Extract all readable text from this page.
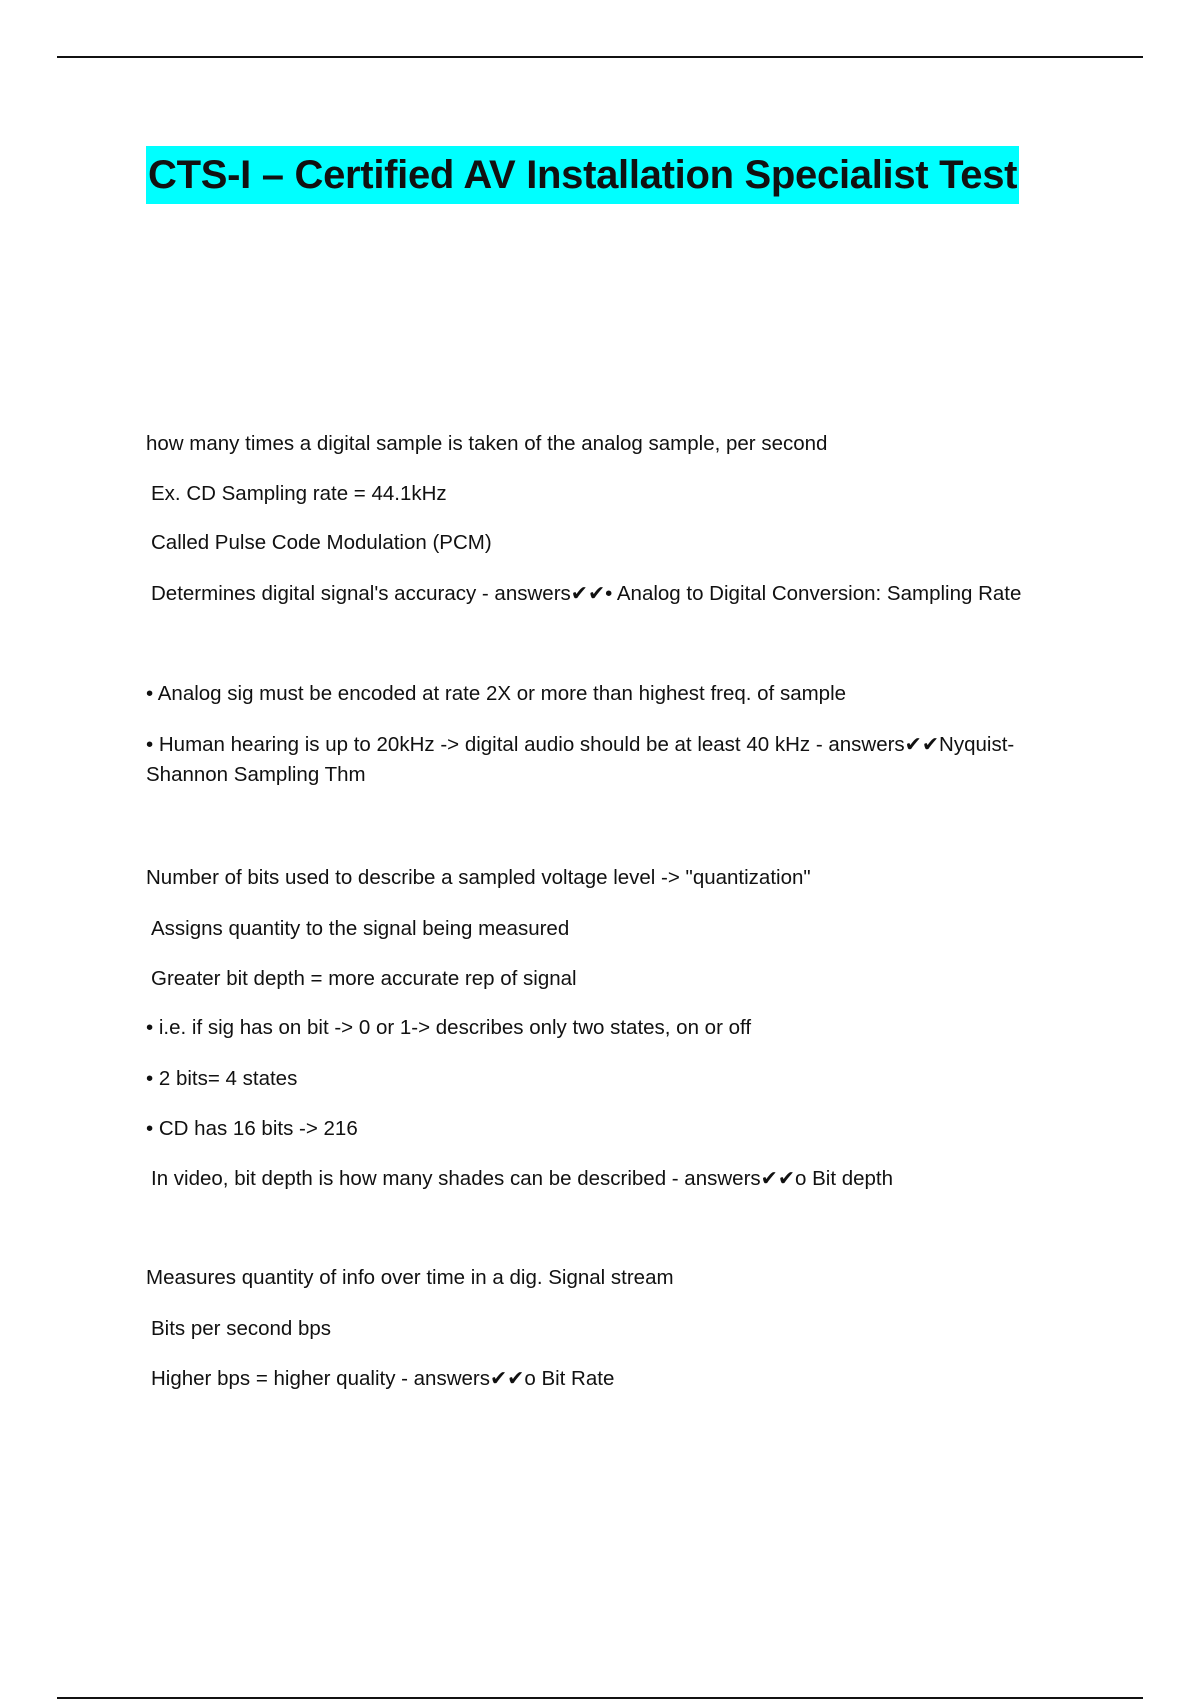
CTS-I – Certified AV Installation Specialist Test
how many times a digital sample is taken of the analog sample, per second
Ex. CD Sampling rate = 44.1kHz
Called Pulse Code Modulation (PCM)
Determines digital signal's accuracy - answers✔✔• Analog to Digital Conversion: Sampling Rate
• Analog sig must be encoded at rate 2X or more than highest freq. of sample
• Human hearing is up to 20kHz -> digital audio should be at least 40 kHz - answers✔✔Nyquist-Shannon Sampling Thm
Number of bits used to describe a sampled voltage level -> "quantization"
Assigns quantity to the signal being measured
Greater bit depth = more accurate rep of signal
• i.e. if sig has on bit -> 0 or 1-> describes only two states, on or off
• 2 bits= 4 states
• CD has 16 bits -> 216
In video, bit depth is how many shades can be described - answers✔✔o Bit depth
Measures quantity of info over time in a dig. Signal stream
Bits per second bps
Higher bps = higher quality - answers✔✔o Bit Rate
